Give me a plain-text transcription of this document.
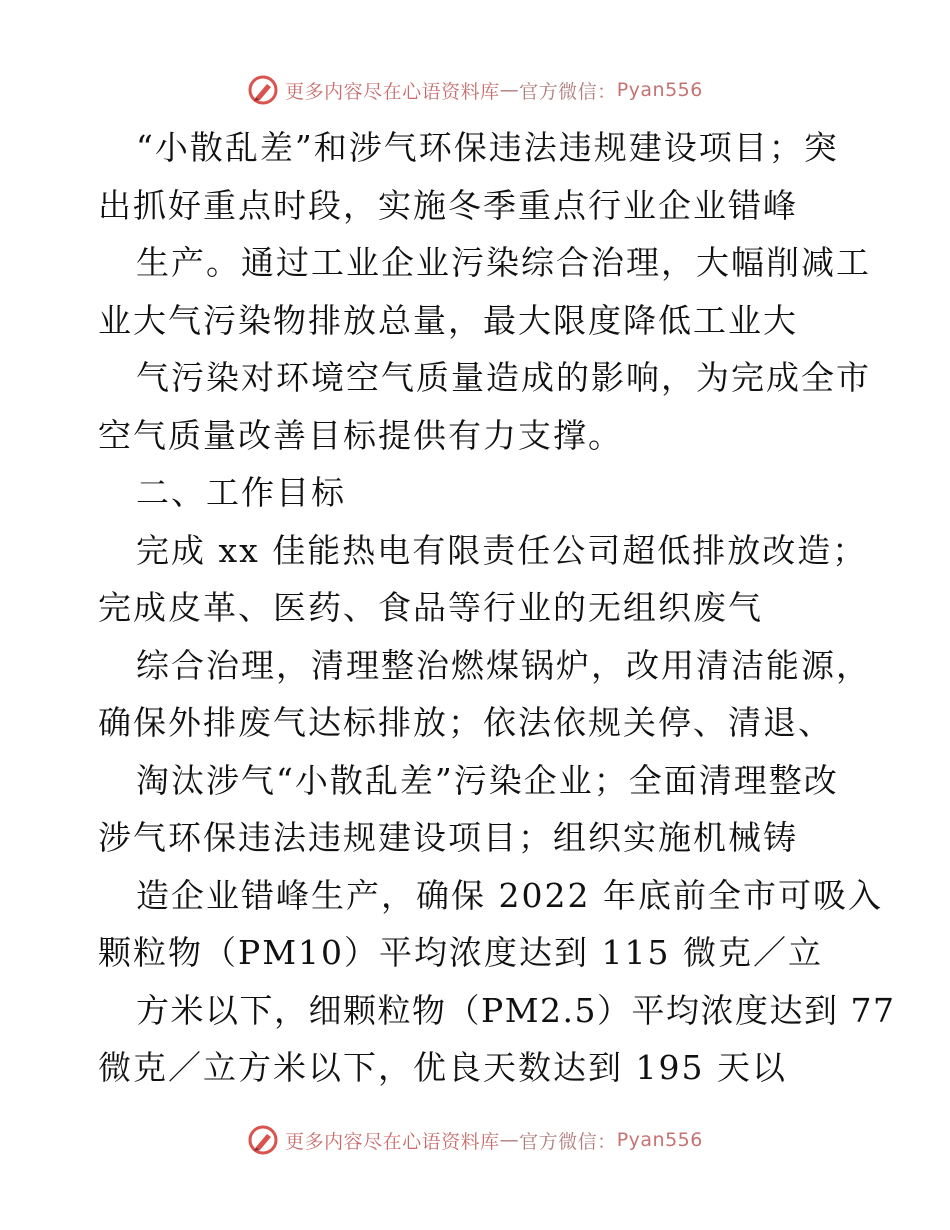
更多内容尽在心语资料库 — 官方微信： Pyan556
“小散乱差”和涉气环保违法违规建设项目；突
出抓好重点时段，实施冬季重点行业企业错峰
生产。通过工业企业污染综合治理，大幅削减工
业大气污染物排放总量，最大限度降低工业大
气污染对环境空气质量造成的影响，为完成全市
空气质量改善目标提供有力支撑。
二、工作目标
完成 xx 佳能热电有限责任公司超低排放改造；
完成皮革、医药、食品等行业的无组织废气
综合治理，清理整治燃煤锅炉，改用清洁能源，
确保外排废气达标排放；依法依规关停、清退、
淘汰涉气“小散乱差”污染企业；全面清理整改
涉气环保违法违规建设项目；组织实施机械铸
造企业错峰生产，确保 2022 年底前全市可吸入
颗粒物（PM10）平均浓度达到 115 微克／立
方米以下，细颗粒物（PM2.5）平均浓度达到 77
微克／立方米以下，优良天数达到 195 天以
更多内容尽在心语资料库 — 官方微信： Pyan556
